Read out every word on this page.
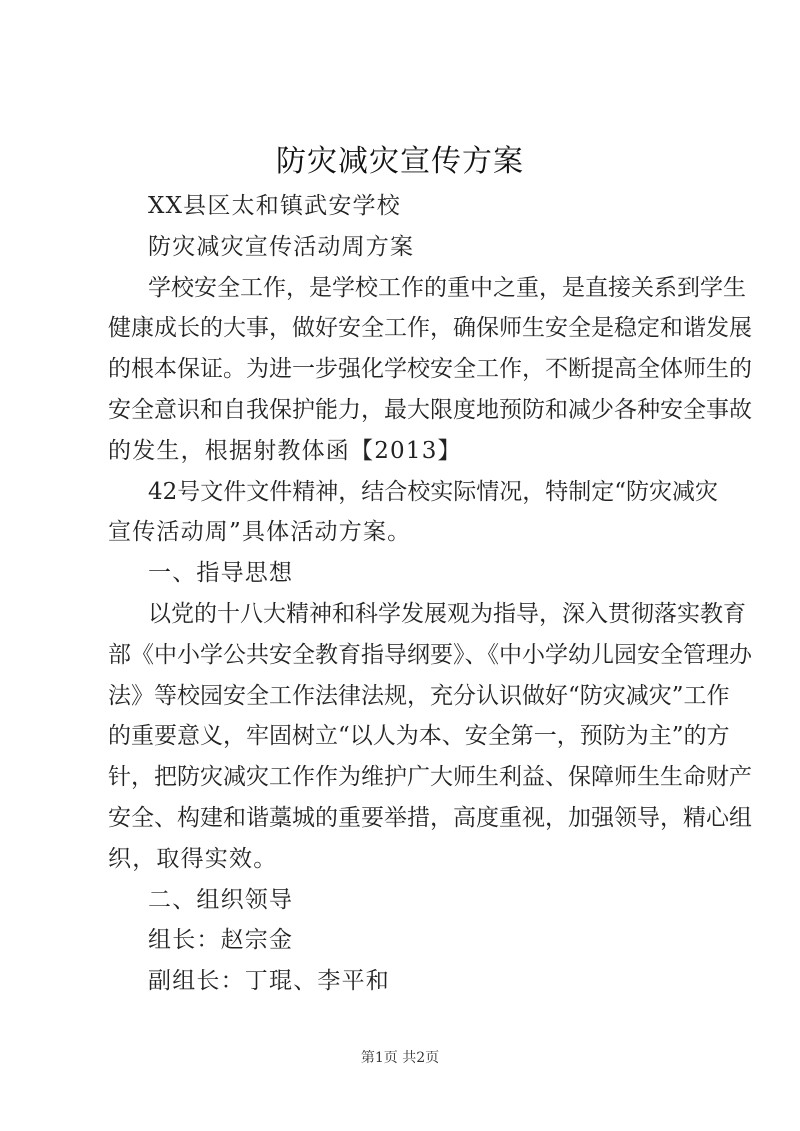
防灾减灾宣传方案
XX县区太和镇武安学校
防灾减灾宣传活动周方案
学校安全工作，是学校工作的重中之重，是直接关系到学生
健康成长的大事，做好安全工作，确保师生安全是稳定和谐发展
的根本保证。为进一步强化学校安全工作，不断提高全体师生的
安全意识和自我保护能力，最大限度地预防和减少各种安全事故
的发生，根据射教体函【2013】
42号文件文件精神，结合校实际情况，特制定“防灾减灾
宣传活动周”具体活动方案。
一、指导思想
以党的十八大精神和科学发展观为指导，深入贯彻落实教育
部《中小学公共安全教育指导纲要》、《中小学幼儿园安全管理办
法》等校园安全工作法律法规，充分认识做好“防灾减灾”工作
的重要意义，牢固树立“以人为本、安全第一，预防为主”的方
针，把防灾减灾工作作为维护广大师生利益、保障师生生命财产
安全、构建和谐藁城的重要举措，高度重视，加强领导，精心组
织，取得实效。
二、组织领导
组长：赵宗金
副组长：丁琨、李平和
第1页 共2页
